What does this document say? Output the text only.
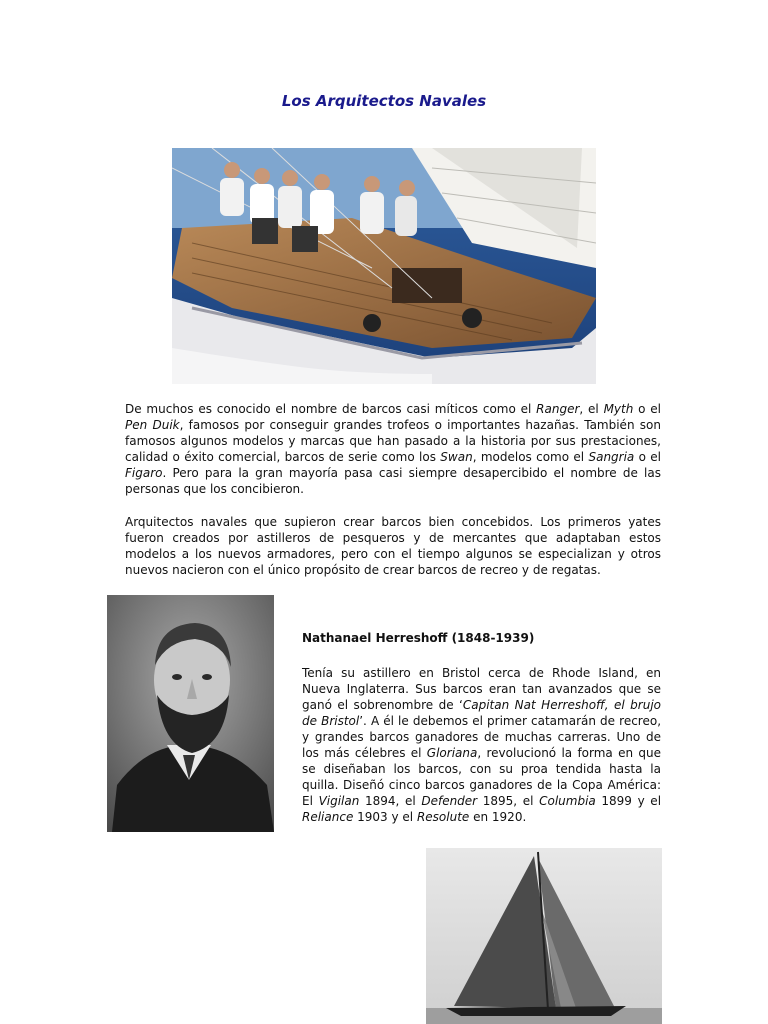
Los Arquitectos Navales

De muchos es conocido el nombre de barcos casi míticos como el Ranger, el Myth o el Pen Duik, famosos por conseguir grandes trofeos o importantes hazañas. También son famosos algunos modelos y marcas que han pasado a la historia por sus prestaciones, calidad o éxito comercial, barcos de serie como los Swan, modelos como el Sangria o el Figaro. Pero para la gran mayoría pasa casi siempre desapercibido el nombre de las personas que los concibieron.

Arquitectos navales que supieron crear barcos bien concebidos. Los primeros yates fueron creados por astilleros de pesqueros y de mercantes que adaptaban estos modelos a los nuevos armadores, pero con el tiempo algunos se especializan y otros nuevos nacieron con el único propósito de crear barcos de recreo y de regatas.

Nathanael Herreshoff (1848-1939)

Tenía su astillero en Bristol cerca de Rhode Island, en Nueva Inglaterra. Sus barcos eran tan avanzados que se ganó el sobrenombre de ‘Capitan Nat Herreshoff, el brujo de Bristol’. A él le debemos el primer catamarán de recreo, y grandes barcos ganadores de muchas carreras. Uno de los más célebres el Gloriana, revolucionó la forma en que se diseñaban los barcos, con su proa tendida hasta la quilla. Diseñó cinco barcos ganadores de la Copa América: El Vigilan 1894, el Defender 1895, el Columbia 1899 y el Reliance 1903 y el Resolute en 1920.
